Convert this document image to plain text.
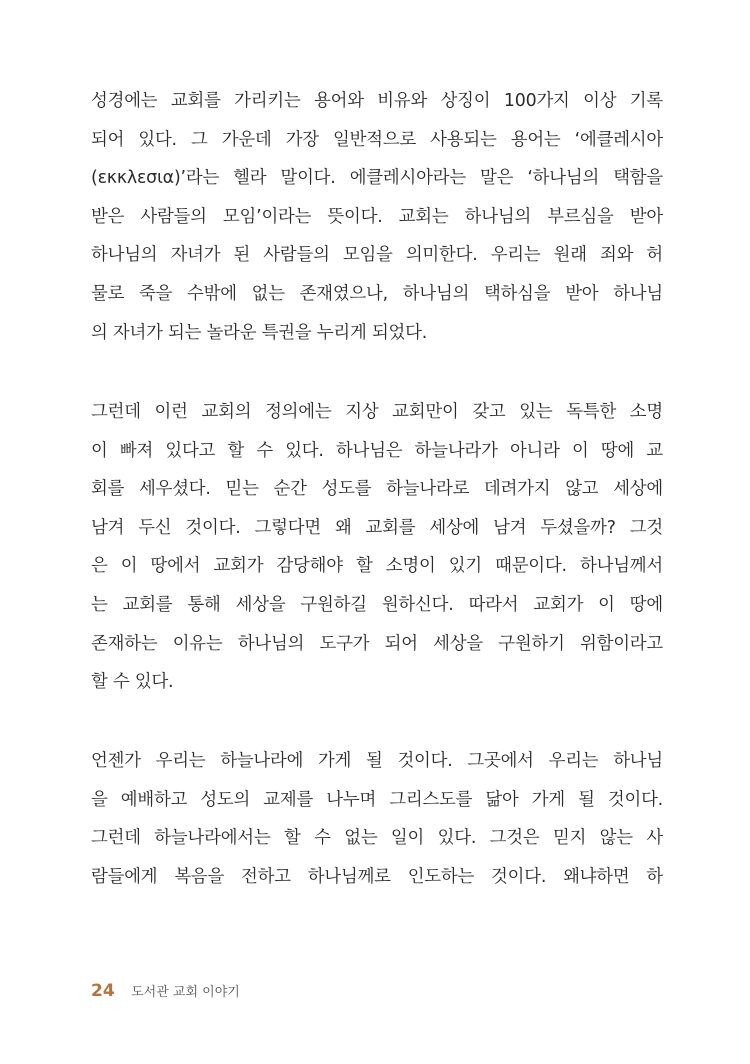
성경에는 교회를 가리키는 용어와 비유와 상징이 100가지 이상 기록
되어 있다. 그 가운데 가장 일반적으로 사용되는 용어는 ‘에클레시아
(εκκλεσια)’라는 헬라 말이다. 에클레시아라는 말은 ‘하나님의 택함을
받은 사람들의 모임’이라는 뜻이다. 교회는 하나님의 부르심을 받아
하나님의 자녀가 된 사람들의 모임을 의미한다. 우리는 원래 죄와 허
물로 죽을 수밖에 없는 존재였으나, 하나님의 택하심을 받아 하나님
의 자녀가 되는 놀라운 특권을 누리게 되었다.
그런데 이런 교회의 정의에는 지상 교회만이 갖고 있는 독특한 소명
이 빠져 있다고 할 수 있다. 하나님은 하늘나라가 아니라 이 땅에 교
회를 세우셨다. 믿는 순간 성도를 하늘나라로 데려가지 않고 세상에
남겨 두신 것이다. 그렇다면 왜 교회를 세상에 남겨 두셨을까? 그것
은 이 땅에서 교회가 감당해야 할 소명이 있기 때문이다. 하나님께서
는 교회를 통해 세상을 구원하길 원하신다. 따라서 교회가 이 땅에
존재하는 이유는 하나님의 도구가 되어 세상을 구원하기 위함이라고
할 수 있다.
언젠가 우리는 하늘나라에 가게 될 것이다. 그곳에서 우리는 하나님
을 예배하고 성도의 교제를 나누며 그리스도를 닮아 가게 될 것이다.
그런데 하늘나라에서는 할 수 없는 일이 있다. 그것은 믿지 않는 사
람들에게 복음을 전하고 하나님께로 인도하는 것이다. 왜냐하면 하
24 도서관 교회 이야기
